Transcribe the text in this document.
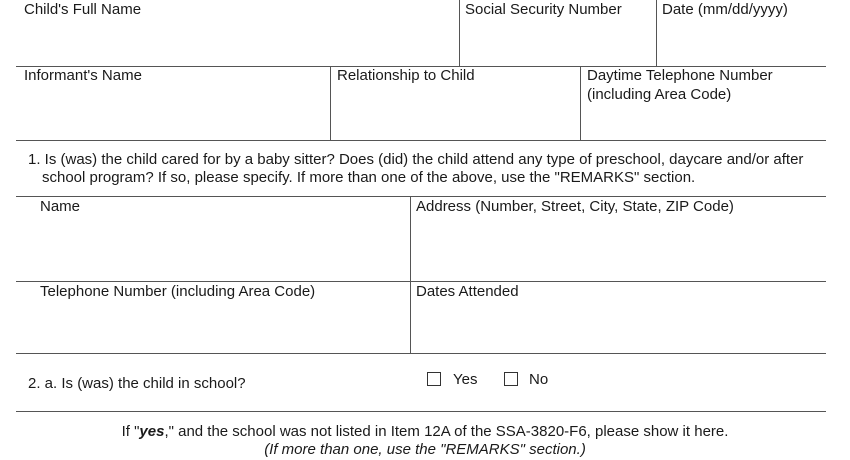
Child's Full Name	Social Security Number	Date (mm/dd/yyyy)
Informant's Name	Relationship to Child	Daytime Telephone Number
(including Area Code)
1. Is (was) the child cared for by a baby sitter? Does (did) the child attend any type of preschool, daycare and/or after
school program? If so, please specify. If more than one of the above, use the "REMARKS" section.
Name	Address (Number, Street, City, State, ZIP Code)
Telephone Number (including Area Code)	Dates Attended
2. a. Is (was) the child in school?	Yes	No
If "yes," and the school was not listed in Item 12A of the SSA-3820-F6, please show it here.
(If more than one, use the "REMARKS" section.)
